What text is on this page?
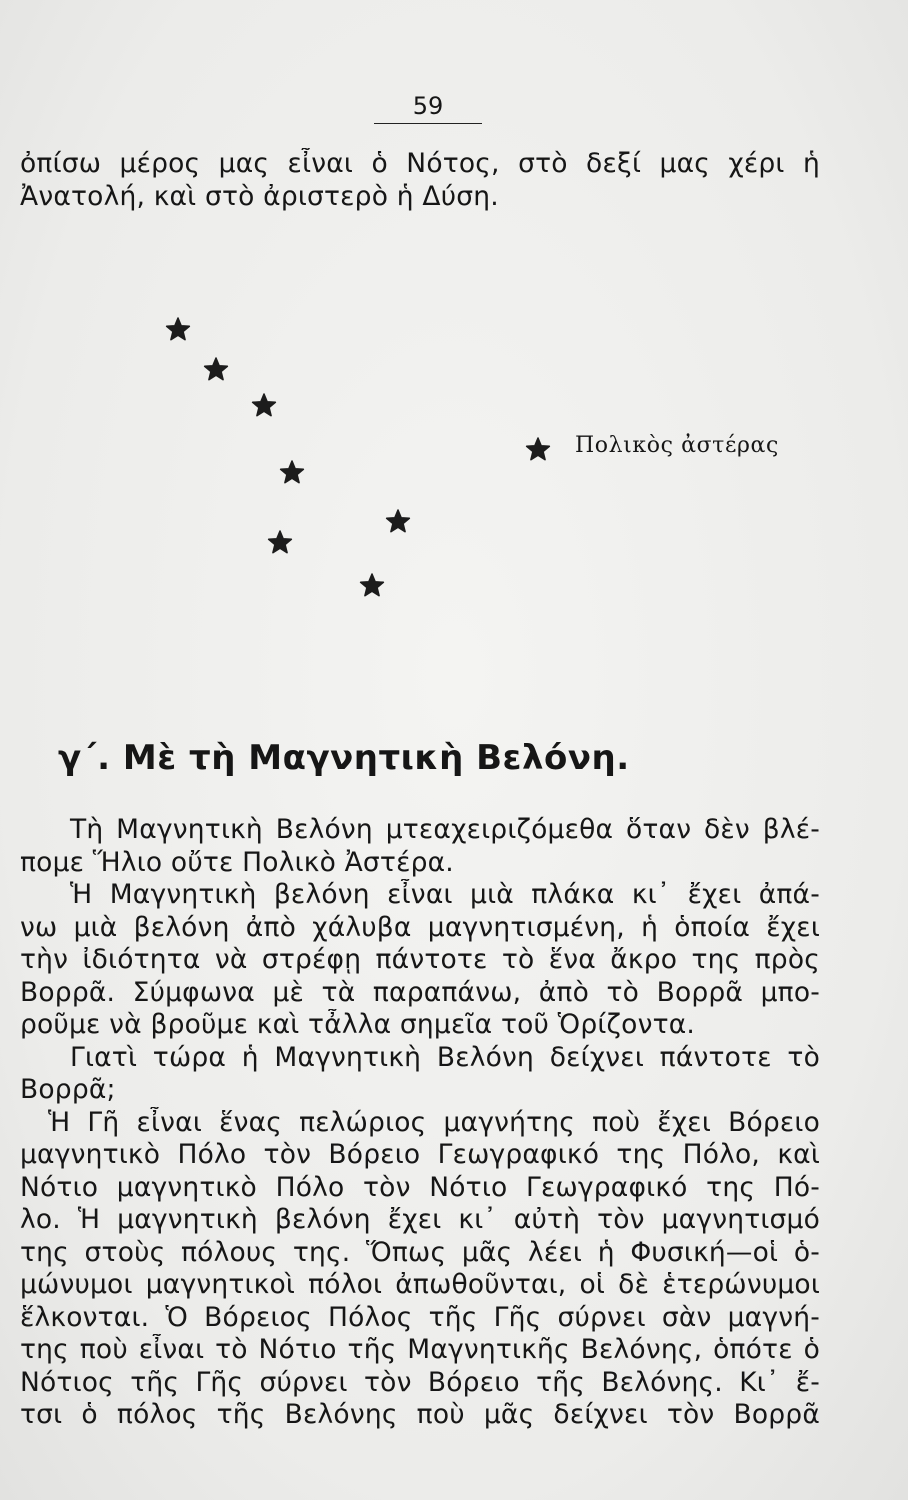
59
ὀπίσω μέρος μας εἶναι ὁ Νότος, στὸ δεξί μας χέρι ἡ
Ἀνατολή, καὶ στὸ ἀριστερὸ ἡ Δύση.
Πολικὸς ἀστέρας
γ΄. Μὲ τὴ Μαγνητικὴ Βελόνη.
Τὴ Μαγνητικὴ Βελόνη μτεαχειριζόμεθα ὅταν δὲν βλέ-
πομε Ἥλιο οὔτε Πολικὸ Ἀστέρα.
Ἡ Μαγνητικὴ βελόνη εἶναι μιὰ πλάκα κι᾽ ἔχει ἀπά-
νω μιὰ βελόνη ἀπὸ χάλυβα μαγνητισμένη, ἡ ὁποία ἔχει
τὴν ἰδιότητα νὰ στρέφῃ πάντοτε τὸ ἕνα ἄκρο της πρὸς
Βορρᾶ. Σύμφωνα μὲ τὰ παραπάνω, ἀπὸ τὸ Βορρᾶ μπο-
ροῦμε νὰ βροῦμε καὶ τἆλλα σημεῖα τοῦ Ὁρίζοντα.
Γιατὶ τώρα ἡ Μαγνητικὴ Βελόνη δείχνει πάντοτε τὸ
Βορρᾶ;
Ἡ Γῆ εἶναι ἕνας πελώριος μαγνήτης ποὺ ἔχει Βόρειο
μαγνητικὸ Πόλο τὸν Βόρειο Γεωγραφικό της Πόλο, καὶ
Νότιο μαγνητικὸ Πόλο τὸν Νότιο Γεωγραφικό της Πό-
λο. Ἡ μαγνητικὴ βελόνη ἔχει κι᾽ αὐτὴ τὸν μαγνητισμό
της στοὺς πόλους της. Ὅπως μᾶς λέει ἡ Φυσική—οἱ ὁ-
μώνυμοι μαγνητικοὶ πόλοι ἀπωθοῦνται, οἱ δὲ ἑτερώνυμοι
ἕλκονται. Ὁ Βόρειος Πόλος τῆς Γῆς σύρνει σὰν μαγνή-
της ποὺ εἶναι τὸ Νότιο τῆς Μαγνητικῆς Βελόνης, ὁπότε ὁ
Νότιος τῆς Γῆς σύρνει τὸν Βόρειο τῆς Βελόνης. Κι᾽ ἔ-
τσι ὁ πόλος τῆς Βελόνης ποὺ μᾶς δείχνει τὸν Βορρᾶ
